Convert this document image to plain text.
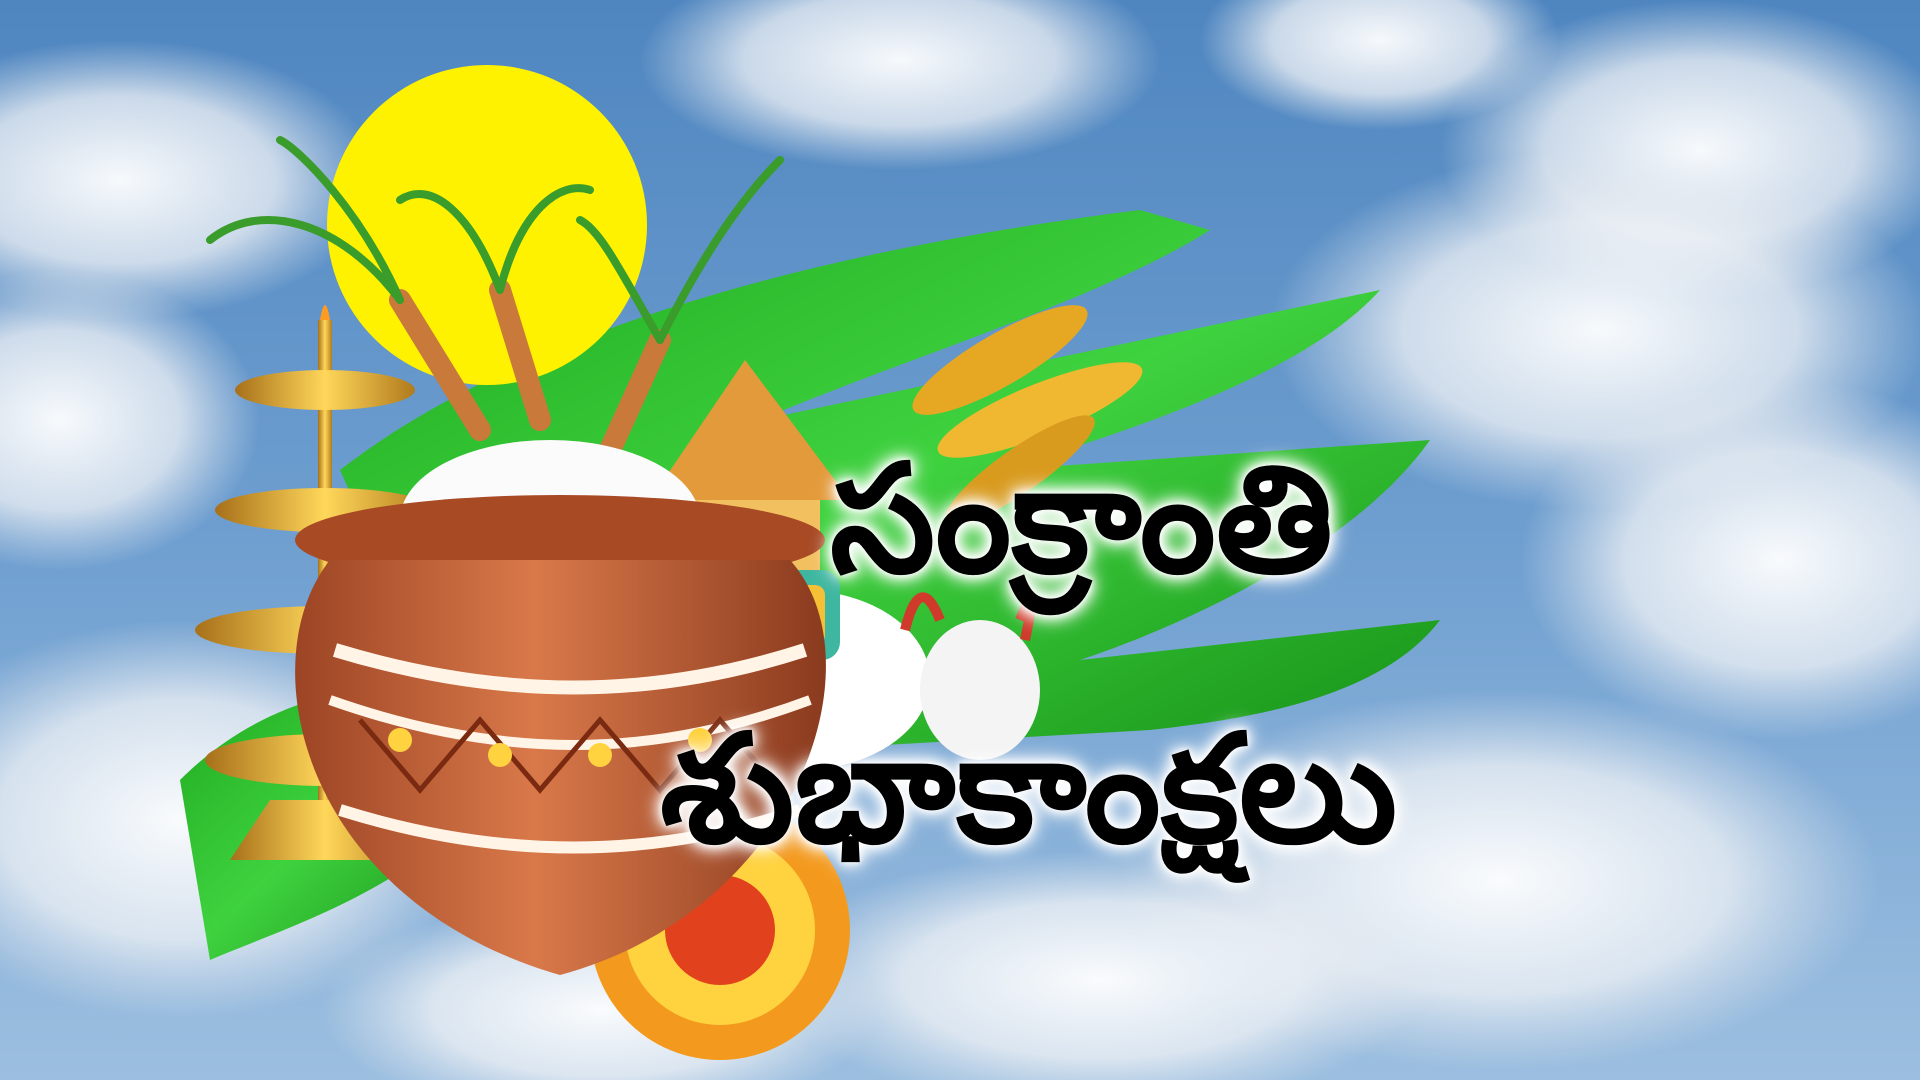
సంక్రాంతి
శుభాకాంక్షలు
